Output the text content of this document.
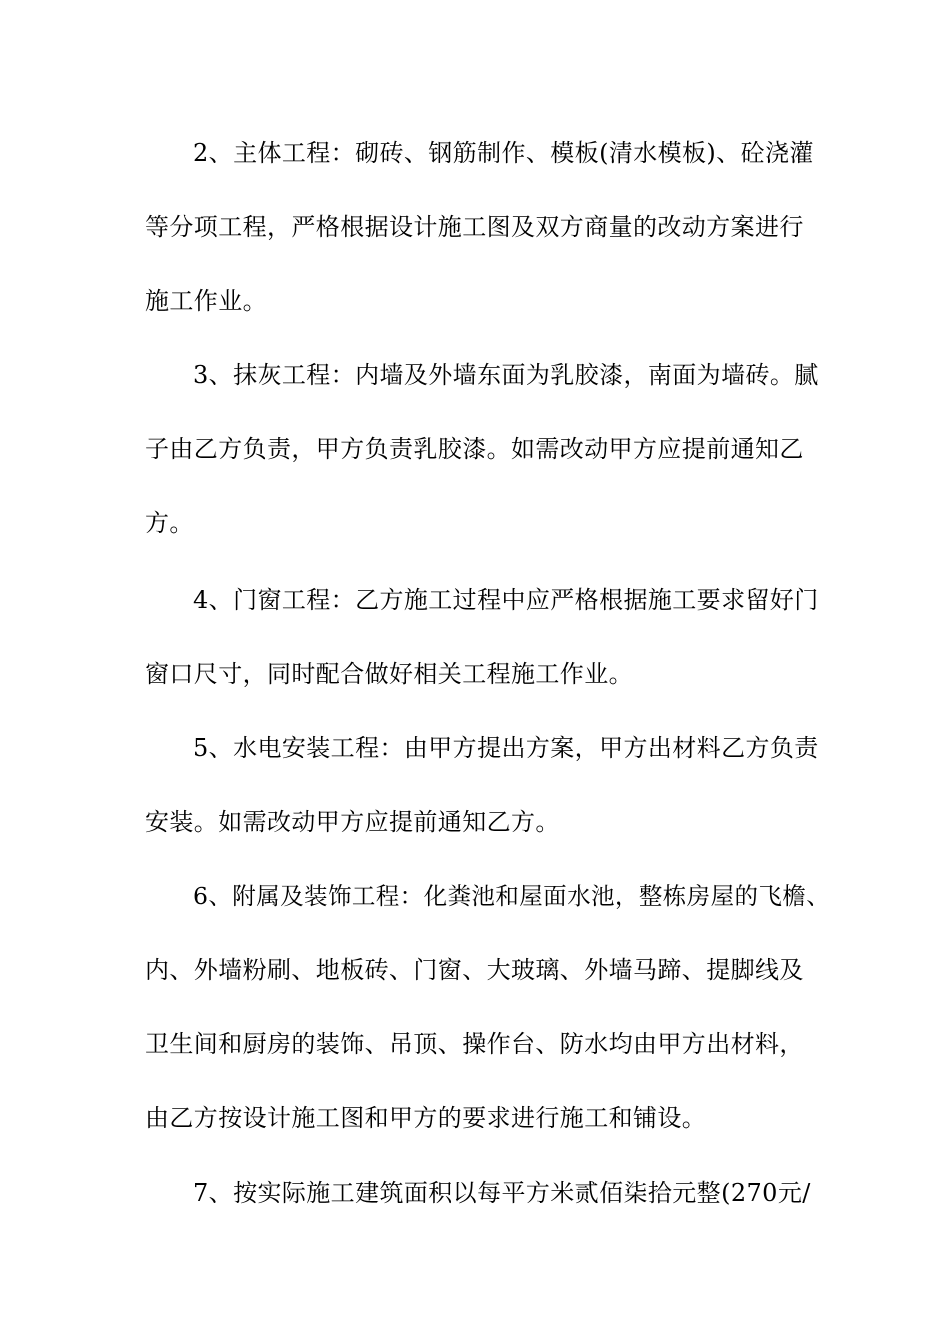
2、主体工程：砌砖、钢筋制作、模板(清水模板)、砼浇灌

等分项工程，严格根据设计施工图及双方商量的改动方案进行

施工作业。

3、抹灰工程：内墙及外墙东面为乳胶漆，南面为墙砖。腻

子由乙方负责，甲方负责乳胶漆。如需改动甲方应提前通知乙

方。

4、门窗工程：乙方施工过程中应严格根据施工要求留好门

窗口尺寸，同时配合做好相关工程施工作业。

5、水电安装工程：由甲方提出方案，甲方出材料乙方负责

安装。如需改动甲方应提前通知乙方。

6、附属及装饰工程：化粪池和屋面水池，整栋房屋的飞檐、

内、外墙粉刷、地板砖、门窗、大玻璃、外墙马蹄、提脚线及

卫生间和厨房的装饰、吊顶、操作台、防水均由甲方出材料，

由乙方按设计施工图和甲方的要求进行施工和铺设。

7、按实际施工建筑面积以每平方米贰佰柒拾元整(270元/
